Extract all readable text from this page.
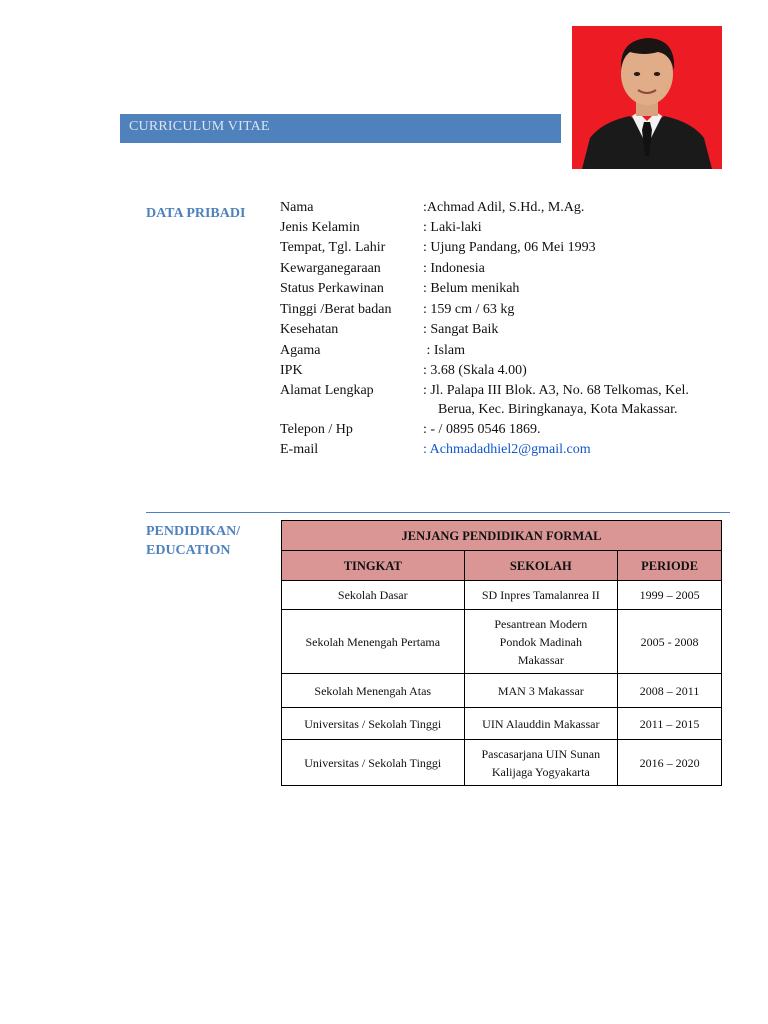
CURRICULUM VITAE
DATA PRIBADI Nama	:Achmad Adil, S.Hd., M.Ag.
Jenis Kelamin	: Laki-laki
Tempat, Tgl. Lahir	: Ujung Pandang, 06 Mei 1993
Kewarganegaraan	: Indonesia
Status Perkawinan	: Belum menikah
Tinggi /Berat badan : 159 cm / 63 kg
Kesehatan	: Sangat Baik
Agama	: Islam
IPK	: 3.68 (Skala 4.00)
Alamat Lengkap	: Jl. Palapa III Blok. A3, No. 68 Telkomas, Kel.
Berua, Kec. Biringkanaya, Kota Makassar.
Telepon / Hp	: - / 0895 0546 1869.
E-mail	: Achmadadhiel2@gmail.com
PENDIDIKAN/
EDUCATION
JENJANG PENDIDIKAN FORMAL		
TINGKAT	SEKOLAH	PERIODE
Sekolah Dasar	SD Inpres Tamalanrea II	1999 – 2005
Sekolah Menengah Pertama	Pesantrean Modern
Pondok Madinah
Makassar	2005 - 2008
Sekolah Menengah Atas	MAN 3 Makassar	2008 – 2011
Universitas / Sekolah Tinggi	UIN Alauddin Makassar	2011 – 2015
Universitas / Sekolah Tinggi	Pascasarjana UIN Sunan
Kalijaga Yogyakarta	2016 – 2020
